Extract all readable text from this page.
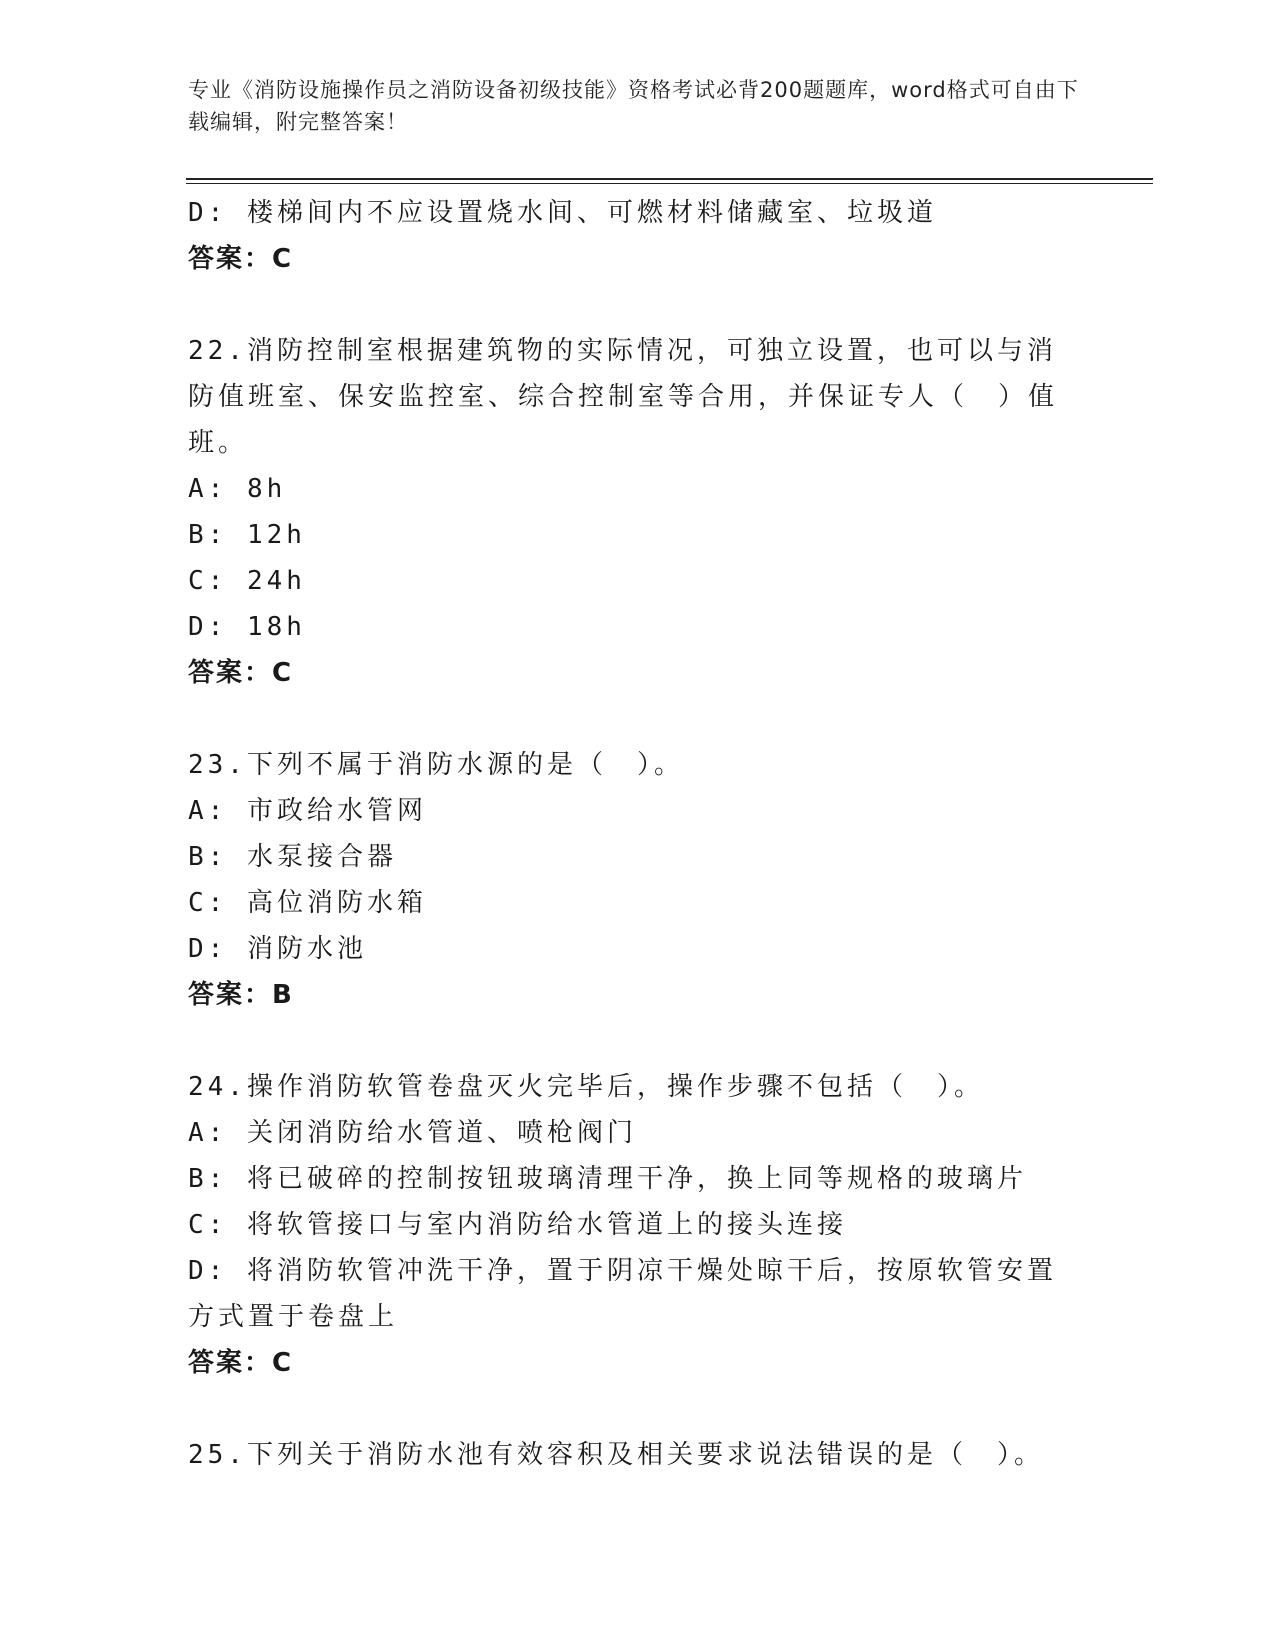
专业《消防设施操作员之消防设备初级技能》资格考试必背200题题库，word格式可自由下载编辑，附完整答案！
D: 楼梯间内不应设置烧水间、可燃材料储藏室、垃圾道
答案：C
22.消防控制室根据建筑物的实际情况，可独立设置，也可以与消防值班室、保安监控室、综合控制室等合用，并保证专人（　）值班。
A: 8h
B: 12h
C: 24h
D: 18h
答案：C
23.下列不属于消防水源的是（　）。
A: 市政给水管网
B: 水泵接合器
C: 高位消防水箱
D: 消防水池
答案：B
24.操作消防软管卷盘灭火完毕后，操作步骤不包括（　）。
A: 关闭消防给水管道、喷枪阀门
B: 将已破碎的控制按钮玻璃清理干净，换上同等规格的玻璃片
C: 将软管接口与室内消防给水管道上的接头连接
D: 将消防软管冲洗干净，置于阴凉干燥处晾干后，按原软管安置方式置于卷盘上
答案：C
25.下列关于消防水池有效容积及相关要求说法错误的是（　）。
